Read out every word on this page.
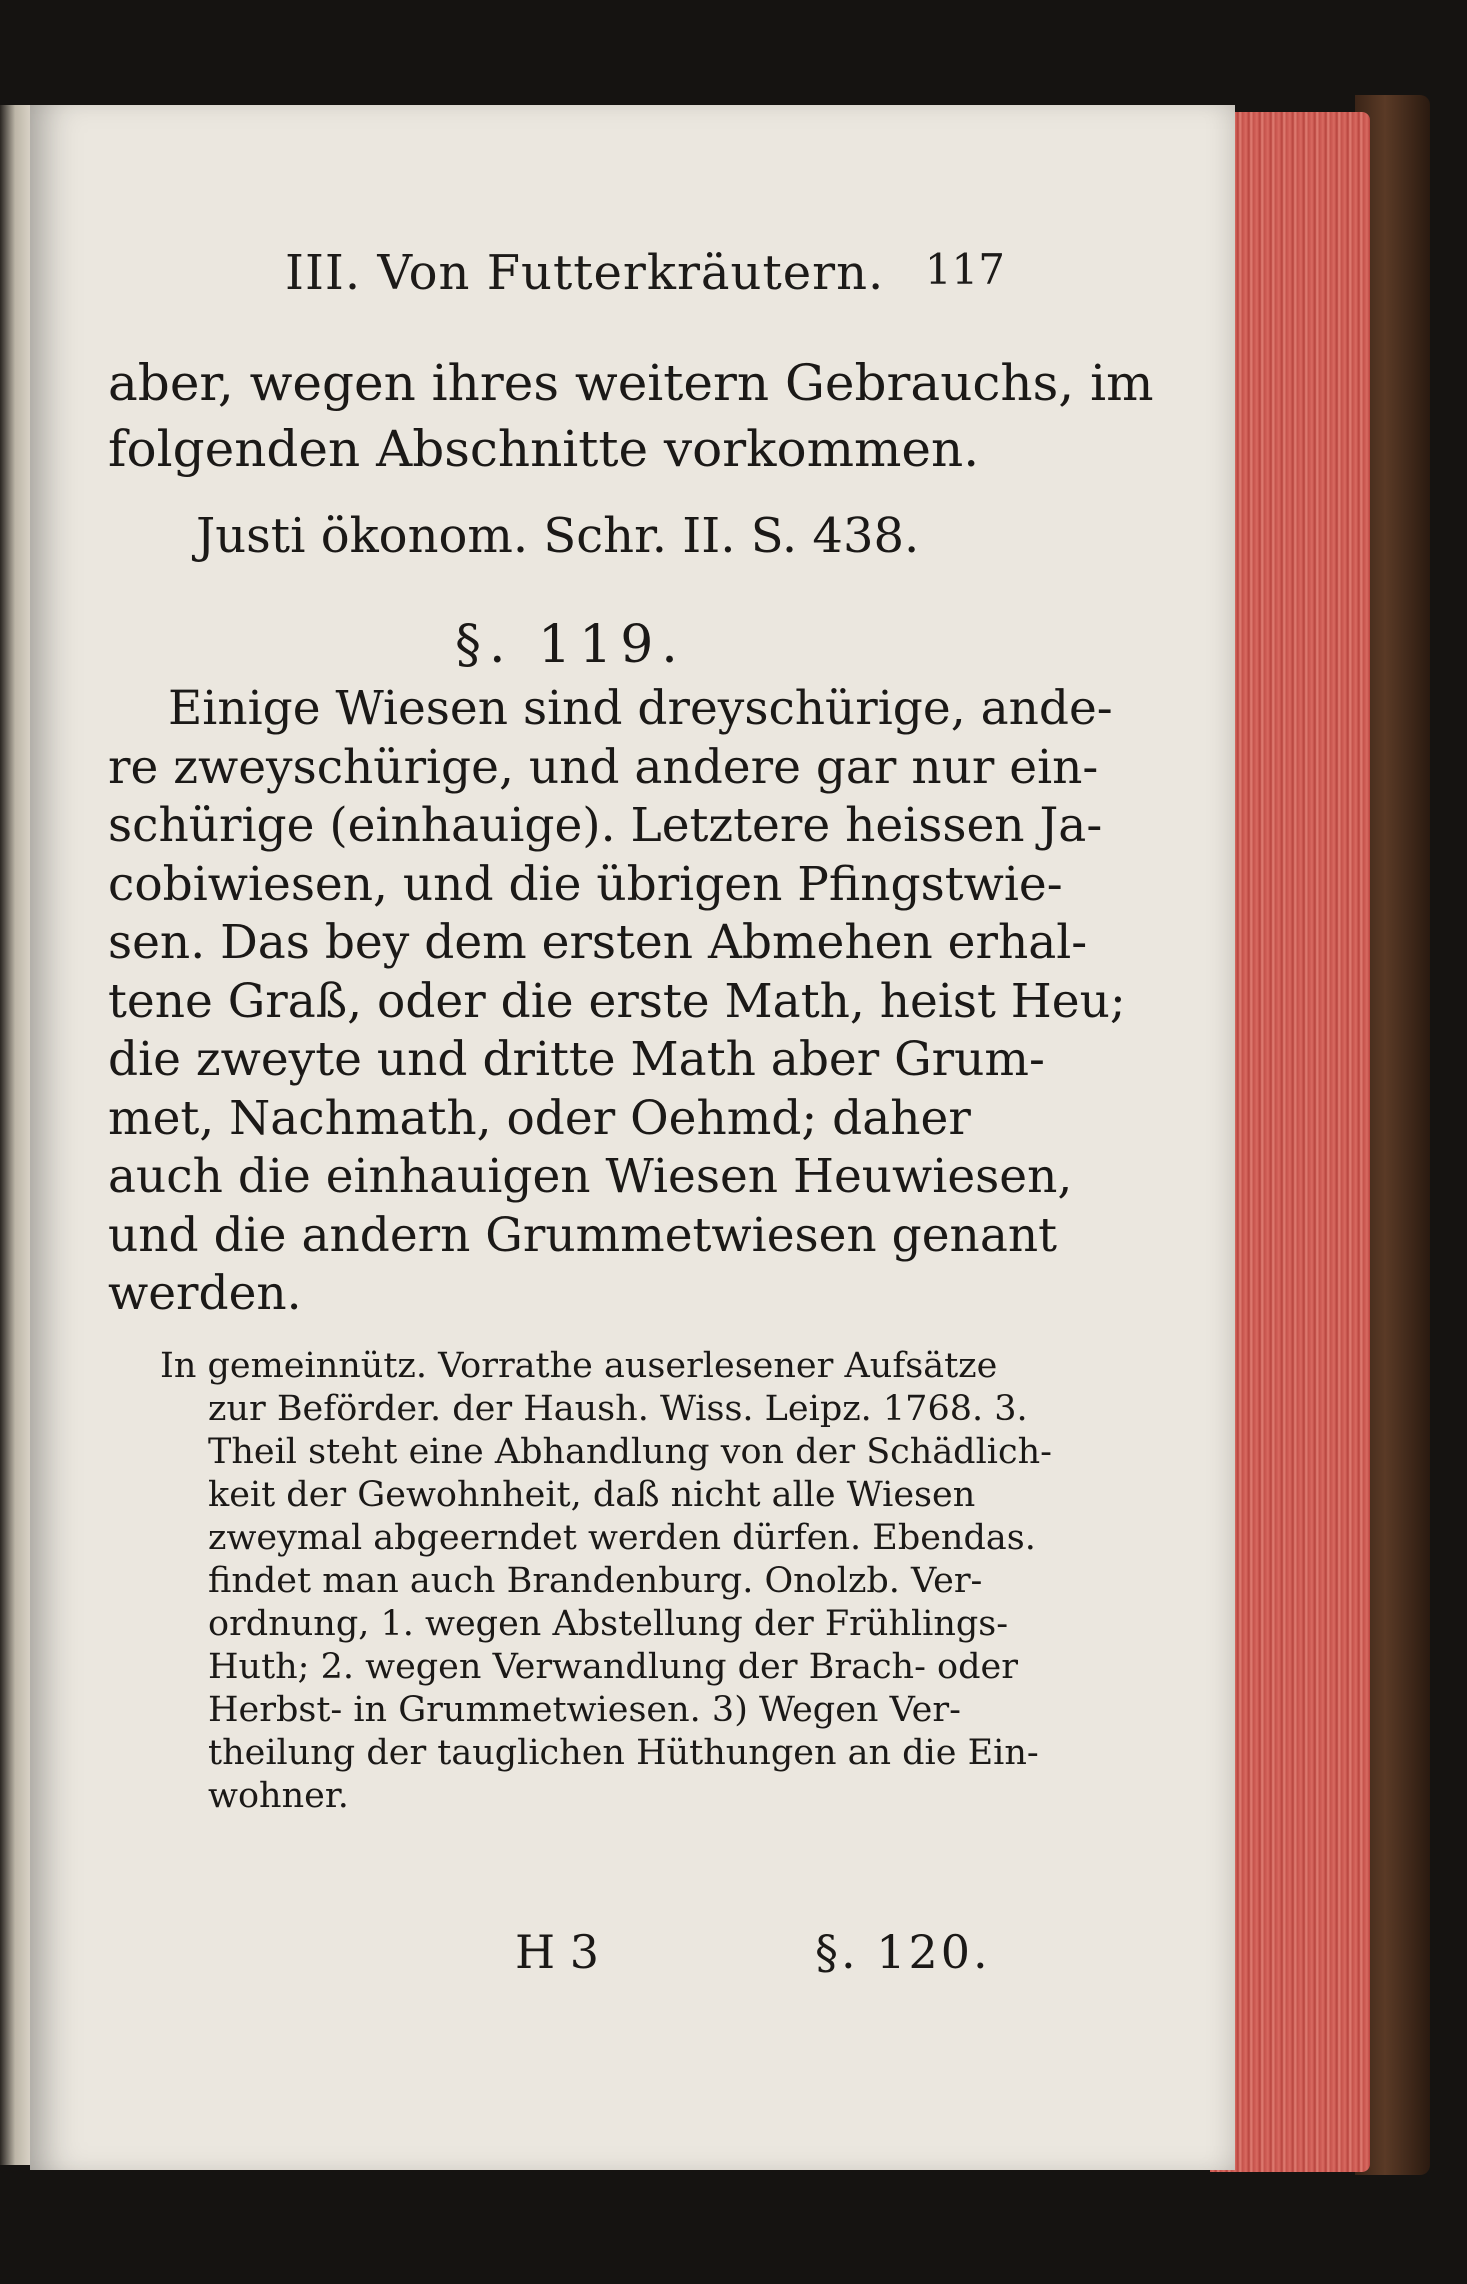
III. Von Futterkräutern. 117
aber, wegen ihres weitern Gebrauchs, im
folgenden Abschnitte vorkommen.
Justi ökonom. Schr. II. S. 438.
§. 119.
Einige Wiesen sind dreyschürige, ande-
re zweyschürige, und andere gar nur ein-
schürige (einhauige). Letztere heissen Ja-
cobiwiesen, und die übrigen Pfingstwie-
sen. Das bey dem ersten Abmehen erhal-
tene Graß, oder die erste Math, heist Heu;
die zweyte und dritte Math aber Grum-
met, Nachmath, oder Oehmd; daher
auch die einhauigen Wiesen Heuwiesen,
und die andern Grummetwiesen genant
werden.
In gemeinnütz. Vorrathe auserlesener Aufsätze
zur Beförder. der Haush. Wiss. Leipz. 1768. 3.
Theil steht eine Abhandlung von der Schädlich-
keit der Gewohnheit, daß nicht alle Wiesen
zweymal abgeerndet werden dürfen. Ebendas.
findet man auch Brandenburg. Onolzb. Ver-
ordnung, 1. wegen Abstellung der Frühlings-
Huth; 2. wegen Verwandlung der Brach- oder
Herbst- in Grummetwiesen. 3) Wegen Ver-
theilung der tauglichen Hüthungen an die Ein-
wohner.
H 3	§. 120.
